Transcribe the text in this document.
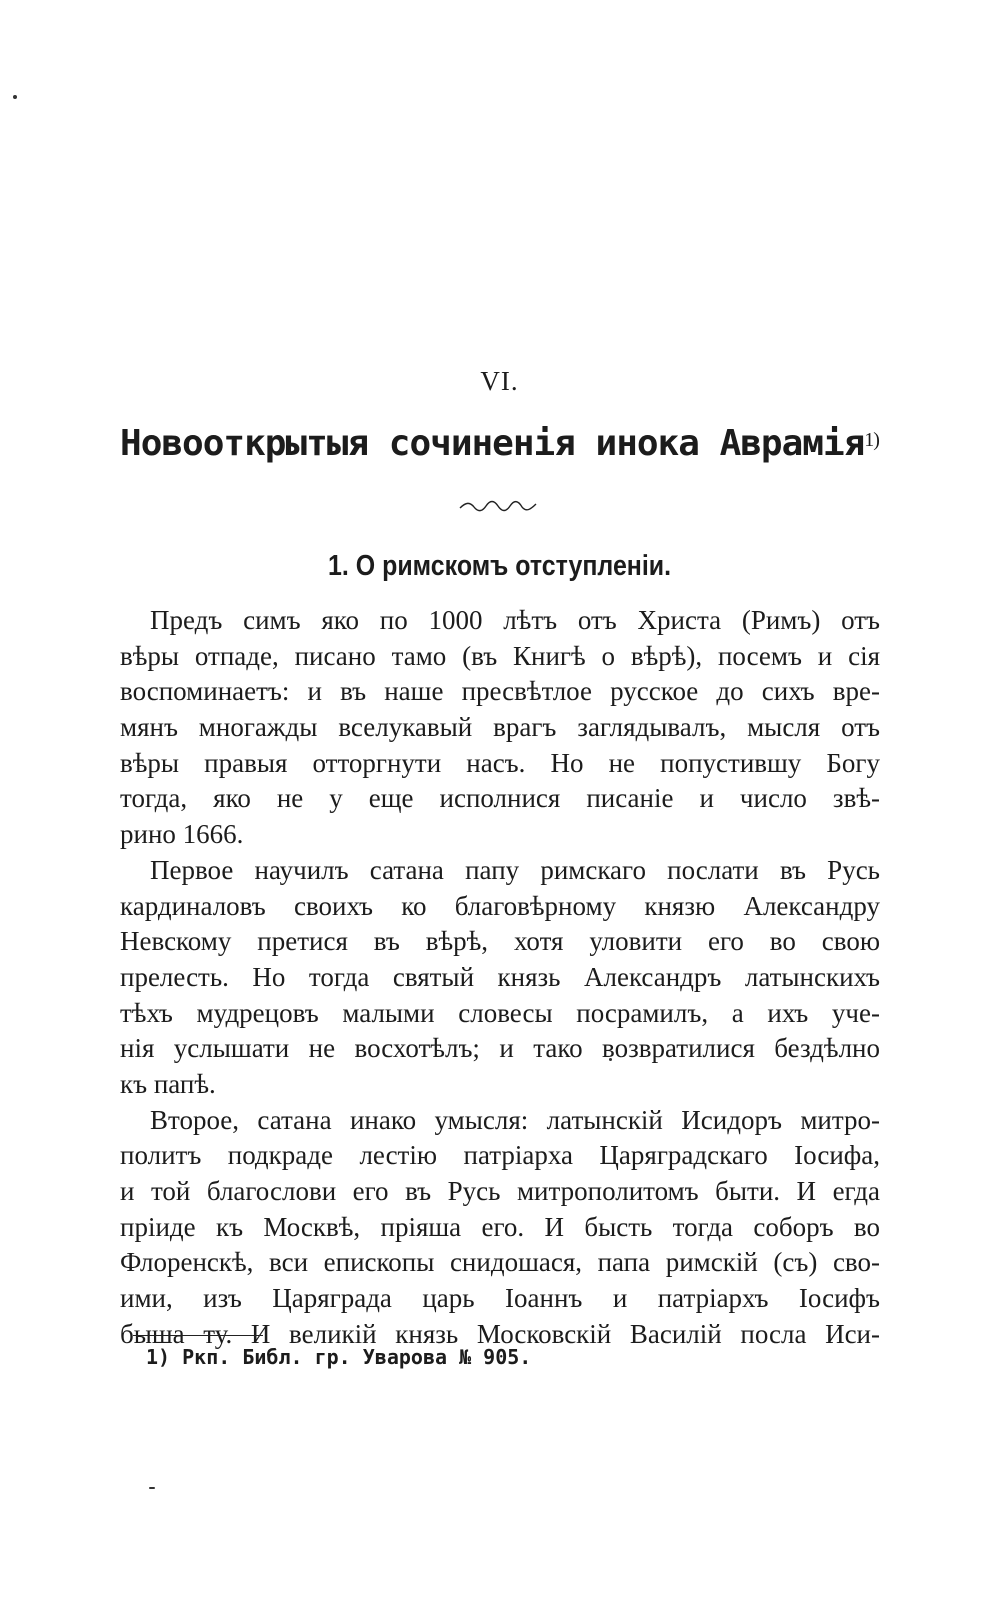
VI.
Новооткрытыя сочиненія инока Аврамія$^{1)}$
1. О римскомъ отступленіи.
Предъ симъ яко по 1000 лѣтъ отъ Христа (Римъ) отъ
вѣры отпаде, писано тамо (въ Книгѣ о вѣрѣ), посемъ и сія
воспоминаетъ: и въ наше пресвѣтлое русское до сихъ вре-
мянъ многажды вселукавый врагъ заглядывалъ, мысля отъ
вѣры правыя отторгнути насъ. Но не попустившу Богу
тогда, яко не у еще исполнися писаніе и число звѣ-
рино 1666.
Первое научилъ сатана папу римскаго послати въ Русь
кардиналовъ своихъ ко благовѣрному князю Александру
Невскому претися въ вѣрѣ, хотя уловити его во свою
прелесть. Но тогда святый князь Александръ латынскихъ
тѣхъ мудрецовъ малыми словесы посрамилъ, а ихъ уче-
нія услышати не восхотѣлъ; и тако возвратилися бездѣлно
къ папѣ.
Второе, сатана инако умысля: латынскій Исидоръ митро-
политъ подкраде лестію патріарха Царяградскаго Іосифа,
и той благослови его въ Русь митрополитомъ быти. И егда
пріиде къ Москвѣ, пріяша его. И бысть тогда соборъ во
Флоренскѣ, вси епископы снидошася, папа римскій (съ) сво-
ими, изъ Царяграда царь Іоаннъ и патріархъ Іосифъ
быша ту. И великій князь Московскій Василій посла Иси-
1) Ркп. Библ. гр. Уварова № 905.
